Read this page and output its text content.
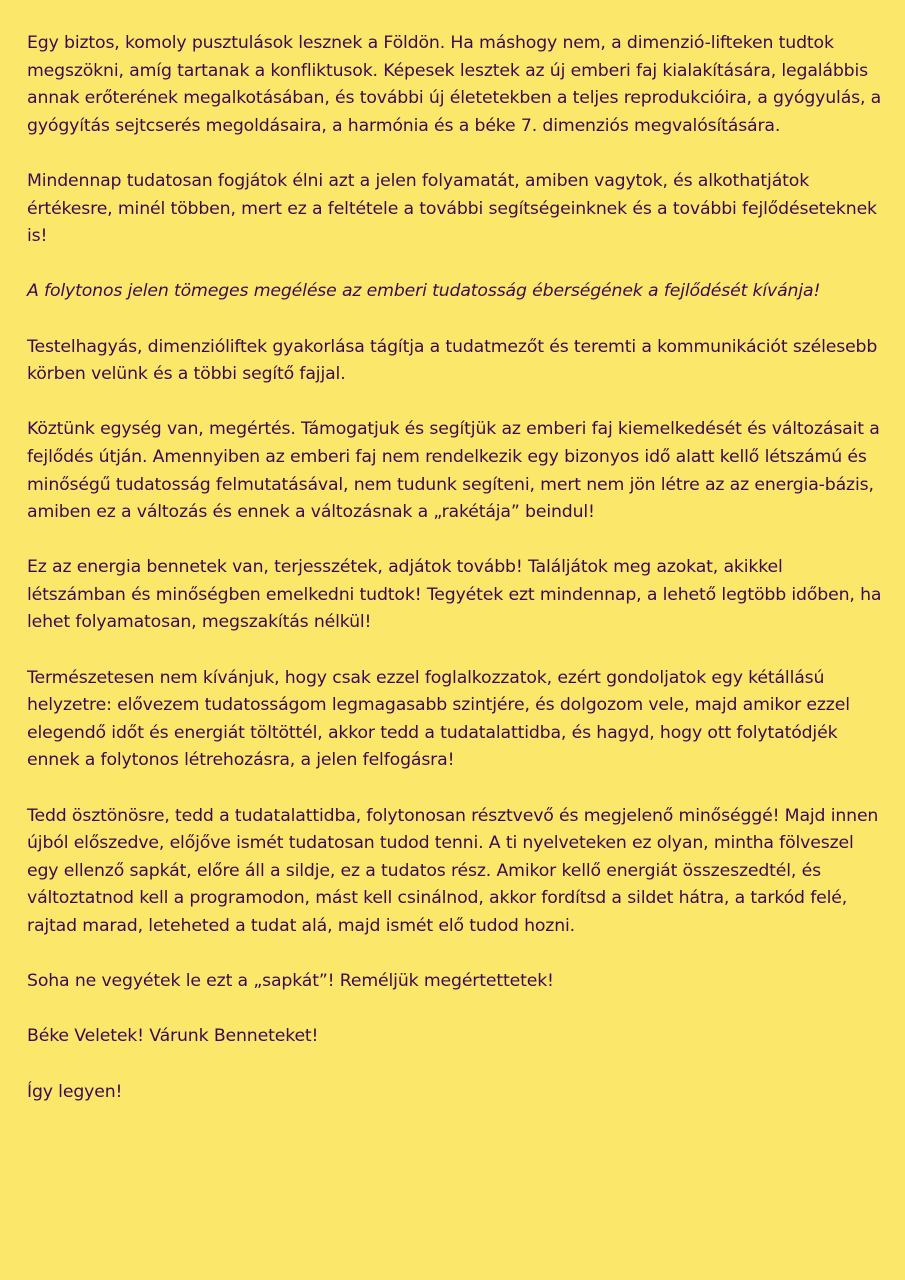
Egy biztos, komoly pusztulások lesznek a Földön. Ha máshogy nem, a dimenzió-lifteken tudtok megszökni, amíg tartanak a konfliktusok. Képesek lesztek az új emberi faj kialakítására, legalábbis annak erőterének megalkotásában, és további új életetekben a teljes reprodukcióira, a gyógyulás, a gyógyítás sejtcserés megoldásaira, a harmónia és a béke 7. dimenziós megvalósítására.

Mindennap tudatosan fogjátok élni azt a jelen folyamatát, amiben vagytok, és alkothatjátok értékesre, minél többen, mert ez a feltétele a további segítségeinknek és a további fejlődéseteknek is!

A folytonos jelen tömeges megélése az emberi tudatosság éberségének a fejlődését kívánja!

Testelhagyás, dimenzióliftek gyakorlása tágítja a tudatmezőt és teremti a kommunikációt szélesebb körben velünk és a többi segítő fajjal.

Köztünk egység van, megértés. Támogatjuk és segítjük az emberi faj kiemelkedését és változásait a fejlődés útján. Amennyiben az emberi faj nem rendelkezik egy bizonyos idő alatt kellő létszámú és minőségű tudatosság felmutatásával, nem tudunk segíteni, mert nem jön létre az az energia-bázis, amiben ez a változás és ennek a változásnak a „rakétája” beindul!

Ez az energia bennetek van, terjesszétek, adjátok tovább! Találjátok meg azokat, akikkel létszámban és minőségben emelkedni tudtok! Tegyétek ezt mindennap, a lehető legtöbb időben, ha lehet folyamatosan, megszakítás nélkül!

Természetesen nem kívánjuk, hogy csak ezzel foglalkozzatok, ezért gondoljatok egy kétállású helyzetre: elővezem tudatosságom legmagasabb szintjére, és dolgozom vele, majd amikor ezzel elegendő időt és energiát töltöttél, akkor tedd a tudatalattidba, és hagyd, hogy ott folytatódjék ennek a folytonos létrehozásra, a jelen felfogásra!

Tedd ösztönösre, tedd a tudatalattidba, folytonosan résztvevő és megjelenő minőséggé! Majd innen újból előszedve, előjőve ismét tudatosan tudod tenni. A ti nyelveteken ez olyan, mintha fölveszel egy ellenző sapkát, előre áll a sildje, ez a tudatos rész. Amikor kellő energiát összeszedtél, és változtatnod kell a programodon, mást kell csinálnod, akkor fordítsd a sildet hátra, a tarkód felé, rajtad marad, leteheted a tudat alá, majd ismét elő tudod hozni.

Soha ne vegyétek le ezt a „sapkát”! Reméljük megértettetek!

Béke Veletek! Várunk Benneteket!

Így legyen!
